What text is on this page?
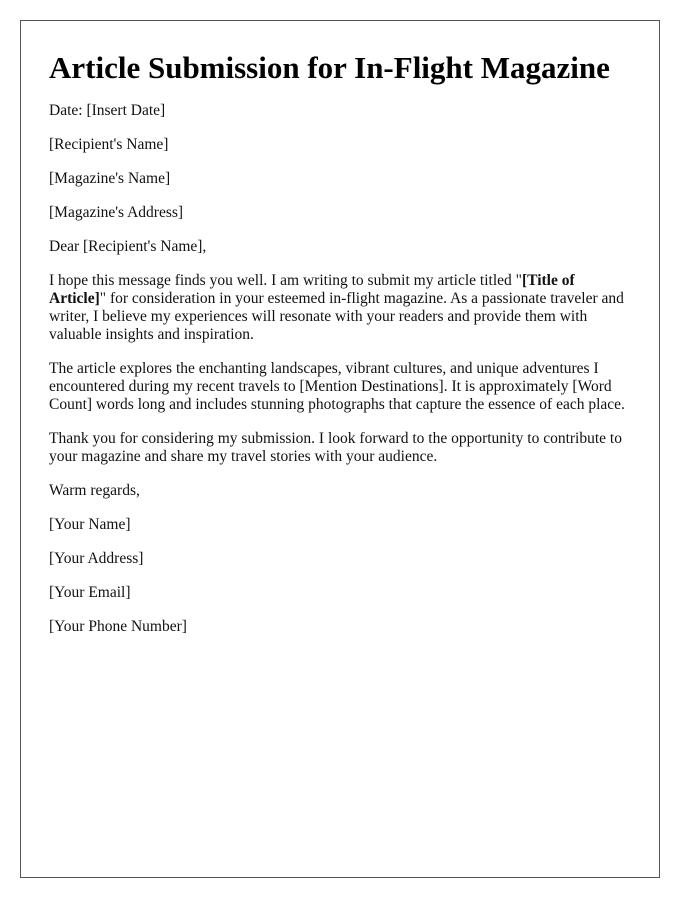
Article Submission for In-Flight Magazine

Date: [Insert Date]

[Recipient's Name]

[Magazine's Name]

[Magazine's Address]

Dear [Recipient's Name],

I hope this message finds you well. I am writing to submit my article titled "[Title of Article]" for consideration in your esteemed in-flight magazine. As a passionate traveler and writer, I believe my experiences will resonate with your readers and provide them with valuable insights and inspiration.

The article explores the enchanting landscapes, vibrant cultures, and unique adventures I encountered during my recent travels to [Mention Destinations]. It is approximately [Word Count] words long and includes stunning photographs that capture the essence of each place.

Thank you for considering my submission. I look forward to the opportunity to contribute to your magazine and share my travel stories with your audience.

Warm regards,

[Your Name]

[Your Address]

[Your Email]

[Your Phone Number]
